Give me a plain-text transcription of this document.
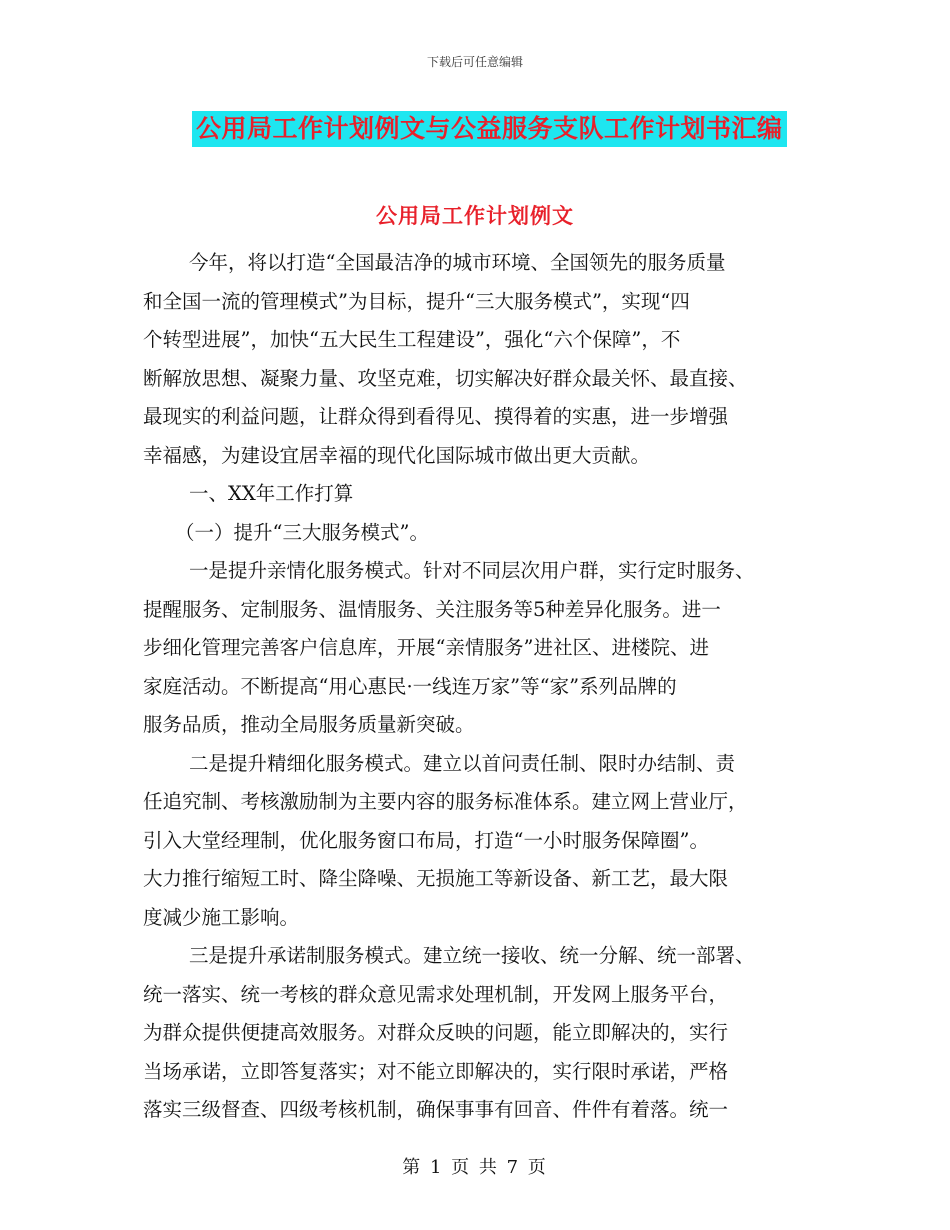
下载后可任意编辑
公用局工作计划例文与公益服务支队工作计划书汇编
公用局工作计划例文
今年，将以打造“全国最洁净的城市环境、全国领先的服务质量
和全国一流的管理模式”为目标，提升“三大服务模式”，实现“四
个转型进展”，加快“五大民生工程建设”，强化“六个保障”，不
断解放思想、凝聚力量、攻坚克难，切实解决好群众最关怀、最直接、
最现实的利益问题，让群众得到看得见、摸得着的实惠，进一步增强
幸福感，为建设宜居幸福的现代化国际城市做出更大贡献。
一、XX年工作打算
（一）提升“三大服务模式”。
一是提升亲情化服务模式。针对不同层次用户群，实行定时服务、
提醒服务、定制服务、温情服务、关注服务等5种差异化服务。进一
步细化管理完善客户信息库，开展“亲情服务”进社区、进楼院、进
家庭活动。不断提高“用心惠民·一线连万家”等“家”系列品牌的
服务品质，推动全局服务质量新突破。
二是提升精细化服务模式。建立以首问责任制、限时办结制、责
任追究制、考核激励制为主要内容的服务标准体系。建立网上营业厅，
引入大堂经理制，优化服务窗口布局，打造“一小时服务保障圈”。
大力推行缩短工时、降尘降噪、无损施工等新设备、新工艺，最大限
度减少施工影响。
三是提升承诺制服务模式。建立统一接收、统一分解、统一部署、
统一落实、统一考核的群众意见需求处理机制，开发网上服务平台，
为群众提供便捷高效服务。对群众反映的问题，能立即解决的，实行
当场承诺，立即答复落实；对不能立即解决的，实行限时承诺，严格
落实三级督查、四级考核机制，确保事事有回音、件件有着落。统一
第 1 页 共 7 页
